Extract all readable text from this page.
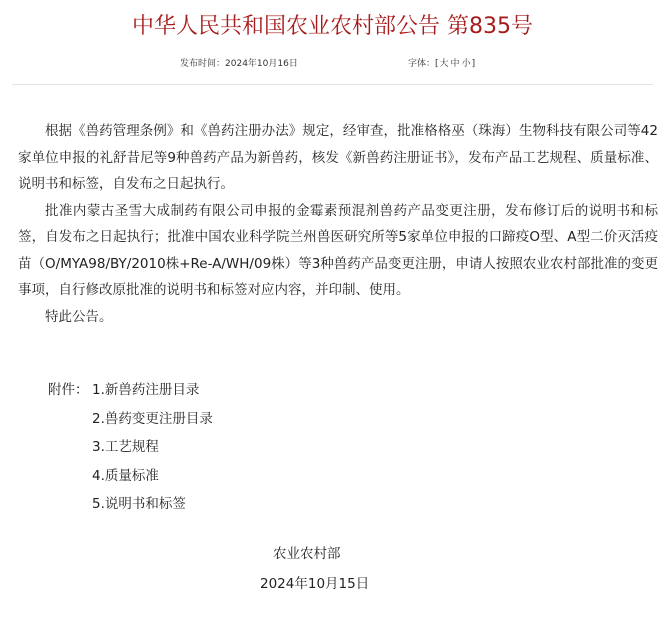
中华人民共和国农业农村部公告 第835号
发布时间：2024年10月16日	字体：[大 中 小]

根据《兽药管理条例》和《兽药注册办法》规定，经审查，批准格格巫（珠海）生物科技有限公司等42家单位申报的礼舒昔尼等9种兽药产品为新兽药，核发《新兽药注册证书》，发布产品工艺规程、质量标准、说明书和标签，自发布之日起执行。

批准内蒙古圣雪大成制药有限公司申报的金霉素预混剂兽药产品变更注册，发布修订后的说明书和标签，自发布之日起执行；批准中国农业科学院兰州兽医研究所等5家单位申报的口蹄疫O型、A型二价灭活疫苗（O/MYA98/BY/2010株+Re-A/WH/09株）等3种兽药产品变更注册，申请人按照农业农村部批准的变更事项，自行修改原批准的说明书和标签对应内容，并印制、使用。

特此公告。

附件： 1.新兽药注册目录
2.兽药变更注册目录
3.工艺规程
4.质量标准
5.说明书和标签
农业农村部
2024年10月15日
